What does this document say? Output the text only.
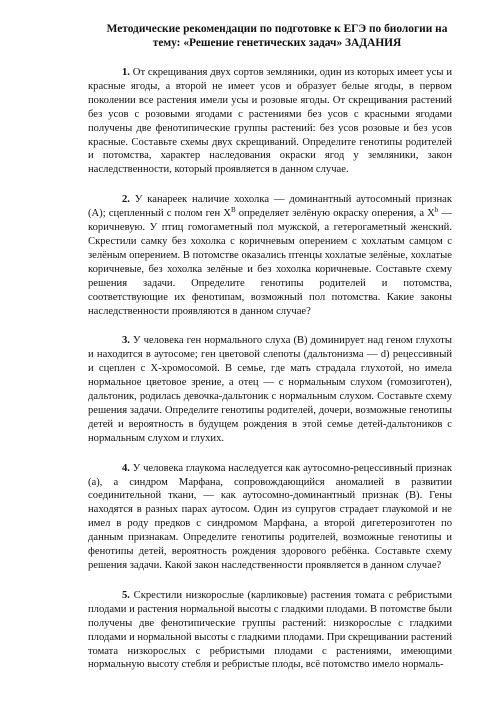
Методические рекомендации по подготовке к ЕГЭ по биологии на тему: «Решение генетических задач» ЗАДАНИЯ

1. От скрещивания двух сортов земляники, один из которых имеет усы и красные ягоды, а второй не имеет усов и образует белые ягоды, в первом поколении все растения имели усы и розовые ягоды. От скрещивания растений без усов с розовыми ягодами с растениями без усов с красными ягодами получены две фенотипические группы растений: без усов розовые и без усов красные. Составьте схемы двух скрещиваний. Определите генотипы родителей и потомства, характер наследования окраски ягод у земляники, закон наследственности, который проявляется в данном случае.

2. У канареек наличие хохолка — доминантный аутосомный признак (А); сцепленный с полом ген $X^B$ определяет зелёную окраску оперения, а $X^b$ — коричневую. У птиц гомогаметный пол мужской, а гетерогаметный женский. Скрестили самку без хохолка с коричневым оперением с хохлатым самцом с зелёным оперением. В потомстве оказались птенцы хохлатые зелёные, хохлатые коричневые, без хохолка зелёные и без хохолка коричневые. Составьте схему решения задачи. Определите генотипы родителей и потомства, соответствующие их фенотипам, возможный пол потомства. Какие законы наследственности проявляются в данном случае?

3. У человека ген нормального слуха (В) доминирует над геном глухоты и находится в аутосоме; ген цветовой слепоты (дальтонизма — d) рецессивный и сцеплен с Х-хромосомой. В семье, где мать страдала глухотой, но имела нормальное цветовое зрение, а отец — с нормальным слухом (гомозиготен), дальтоник, родилась девочка-дальтоник с нормальным слухом. Составьте схему решения задачи. Определите генотипы родителей, дочери, возможные генотипы детей и вероятность в будущем рождения в этой семье детей-дальтоников с нормальным слухом и глухих.

4. У человека глаукома наследуется как аутосомно-рецессивный признак (а), а синдром Марфана, сопровождающийся аномалией в развитии соединительной ткани, — как аутосомно-доминантный признак (В). Гены находятся в разных парах аутосом. Один из супругов страдает глаукомой и не имел в роду предков с синдромом Марфана, а второй дигетерозиготен по данным признакам. Определите генотипы родителей, возможные генотипы и фенотипы детей, вероятность рождения здорового ребёнка. Составьте схему решения задачи. Какой закон наследственности проявляется в данном случае?

5. Скрестили низкорослые (карликовые) растения томата с ребристыми плодами и растения нормальной высоты с гладкими плодами. В потомстве были получены две фенотипические группы растений: низкорослые с гладкими плодами и нормальной высоты с гладкими плодами. При скрещивании растений томата низкорослых с ребристыми плодами с растениями, имеющими нормальную высоту стебля и ребристые плоды, всё потомство имело нормаль-
